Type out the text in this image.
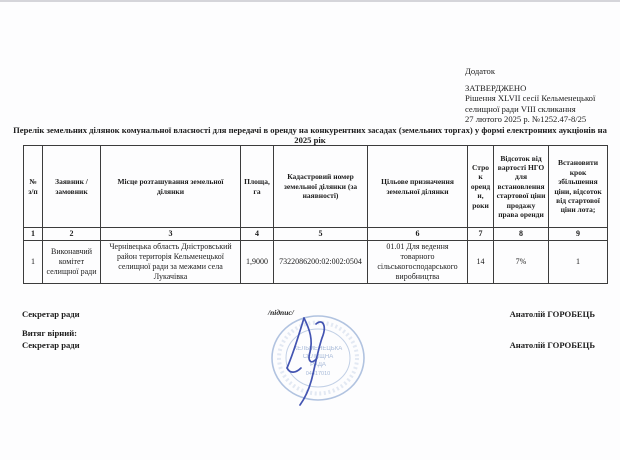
Додаток
ЗАТВЕРДЖЕНО
Рішення XLVII сесії Кельменецької
селищної ради VIII скликання
27 лютого 2025 р. №1252.47-8/25
Перелік земельних ділянок комунальної власності для передачі в оренду на конкурентних засадах (земельних торгах) у формі електронних аукціонів на 2025 рік
№ з/п	Заявник / замовник	Місце розташування земельної ділянки	Площа, га	Кадастровий номер земельної ділянки (за наявності)	Цільове призначення земельної ділянки	Строк оренди, роки	Відсоток від вартості НГО для встановлення стартової ціни продажу права оренди	Встановити крок збільшення ціни, відсоток від стартової ціни лота;
1	2	3	4	5	6	7	8	9
1	Виконавчий комітет селищної ради	Чернівецька область Дністровський район територія Кельменецької селищної ради за межами села Лукачівка	1,9000	7322086200:02:002:0504	01.01 Для ведення товарного сільськогосподарського виробництва	14	7%	1
Секретар ради	/підпис/	Анатолій ГОРОБЕЦЬ
Витяг вірний:
Секретар ради	Анатолій ГОРОБЕЦЬ
КЕЛЬМЕНЕЦЬКА
СЕЛИЩНА
РАДА
04417010
